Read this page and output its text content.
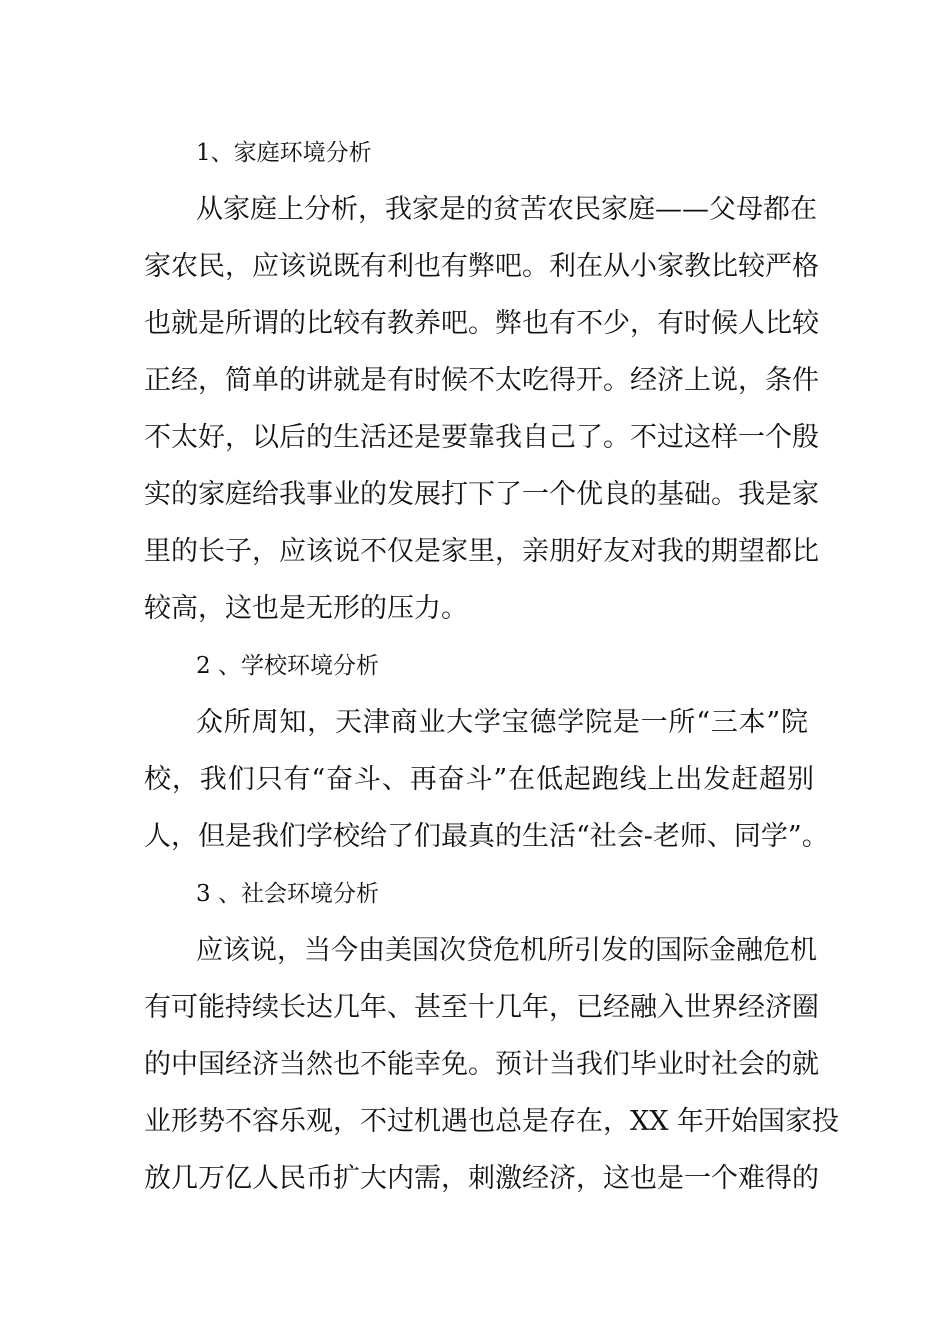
1、家庭环境分析
从家庭上分析，我家是的贫苦农民家庭——父母都在
家农民，应该说既有利也有弊吧。利在从小家教比较严格
也就是所谓的比较有教养吧。弊也有不少，有时候人比较
正经，简单的讲就是有时候不太吃得开。经济上说，条件
不太好，以后的生活还是要靠我自己了。不过这样一个殷
实的家庭给我事业的发展打下了一个优良的基础。我是家
里的长子，应该说不仅是家里，亲朋好友对我的期望都比
较高，这也是无形的压力。
2 、学校环境分析
众所周知，天津商业大学宝德学院是一所“三本”院
校，我们只有“奋斗、再奋斗”在低起跑线上出发赶超别
人，但是我们学校给了们最真的生活“社会-老师、同学”。
3 、社会环境分析
应该说，当今由美国次贷危机所引发的国际金融危机
有可能持续长达几年、甚至十几年，已经融入世界经济圈
的中国经济当然也不能幸免。预计当我们毕业时社会的就
业形势不容乐观，不过机遇也总是存在，XX 年开始国家投
放几万亿人民币扩大内需，刺激经济，这也是一个难得的
